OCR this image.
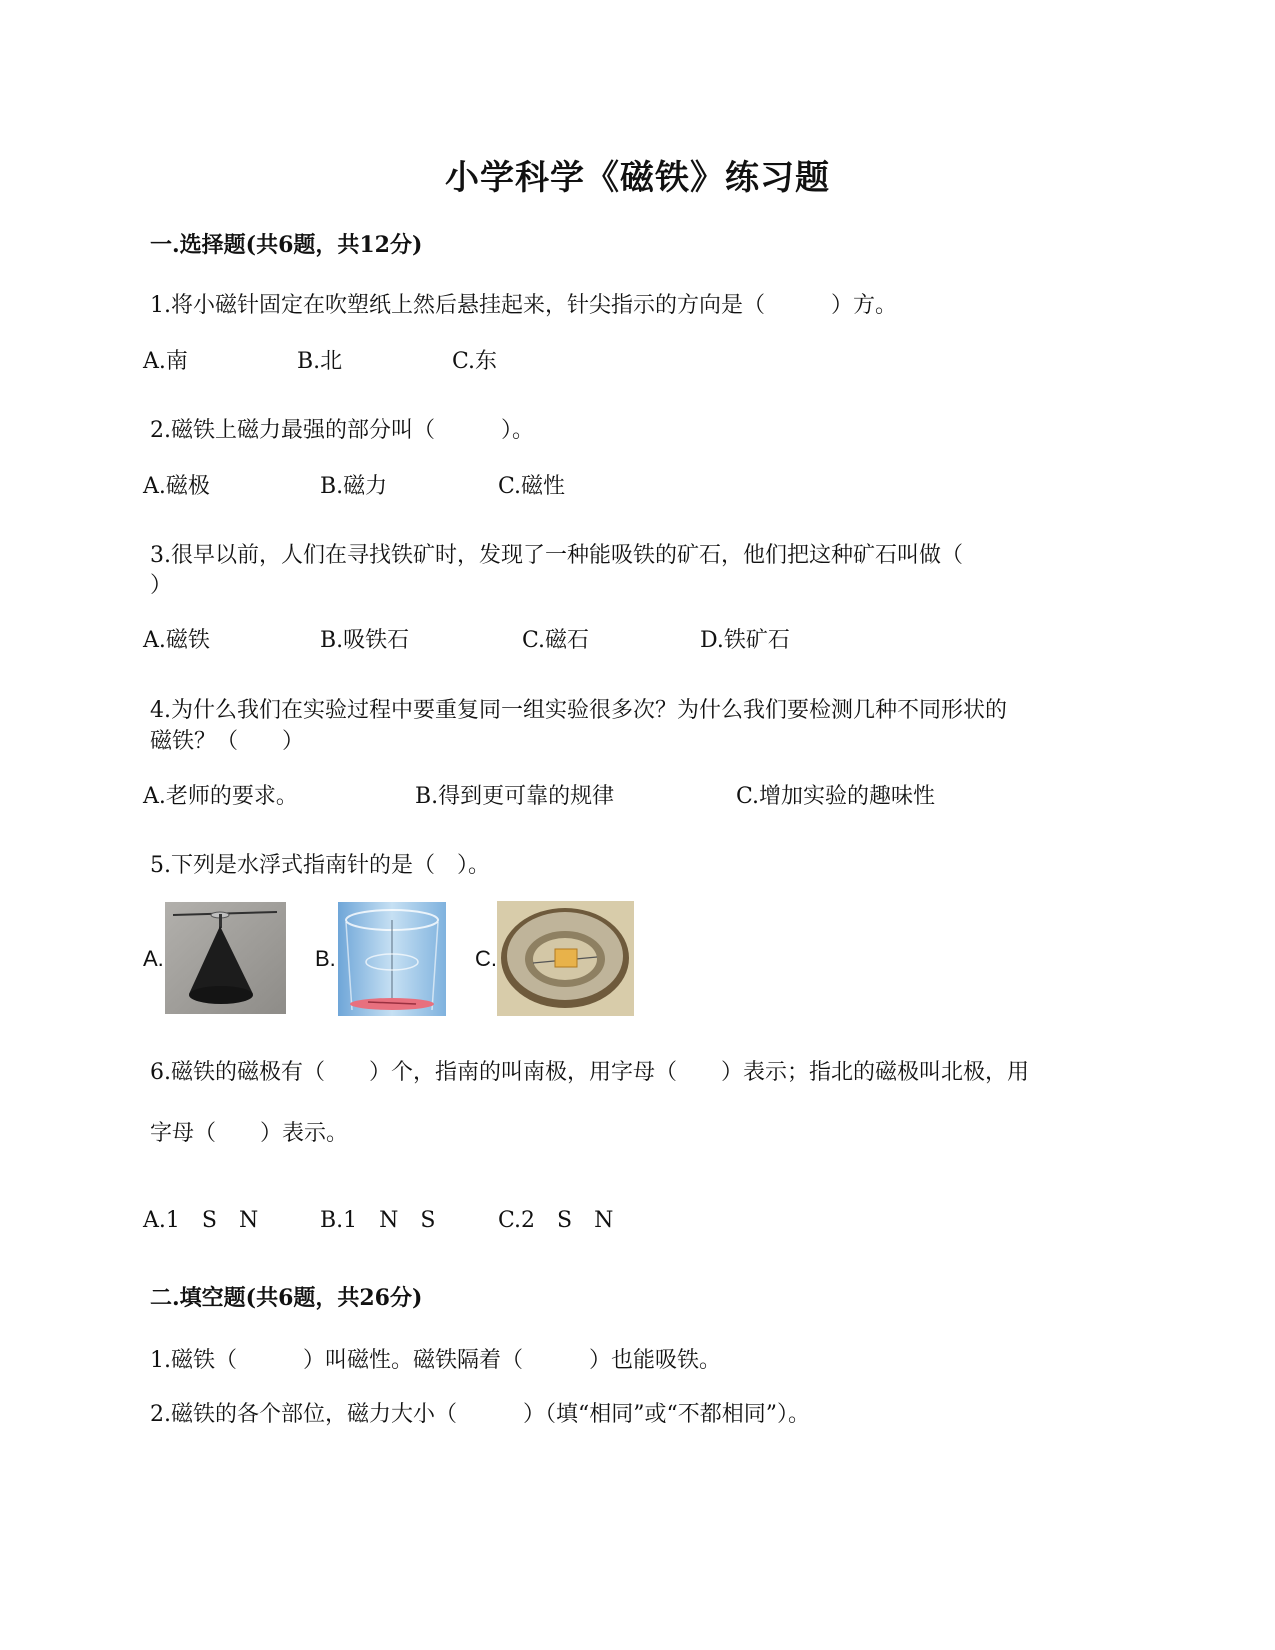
小学科学《磁铁》练习题
一.选择题(共6题，共12分)
1.将小磁针固定在吹塑纸上然后悬挂起来，针尖指示的方向是（　　　）方。
A.南	B.北	C.东
2.磁铁上磁力最强的部分叫（　　　）。
A.磁极	B.磁力	C.磁性
3.很早以前，人们在寻找铁矿时，发现了一种能吸铁的矿石，他们把这种矿石叫做（
）
A.磁铁	B.吸铁石	C.磁石	D.铁矿石
4.为什么我们在实验过程中要重复同一组实验很多次？为什么我们要检测几种不同形状的
磁铁？（　　）
A.老师的要求。	B.得到更可靠的规律	C.增加实验的趣味性
5.下列是水浮式指南针的是（　）。
A.	B.	C.
6.磁铁的磁极有（　　）个，指南的叫南极，用字母（　　）表示；指北的磁极叫北极，用
字母（　　）表示。
A.1　S　N	B.1　N　S	C.2　S　N
二.填空题(共6题，共26分)
1.磁铁（　　　）叫磁性。磁铁隔着（　　　）也能吸铁。
2.磁铁的各个部位，磁力大小（　　　）（填“相同”或“不都相同”）。
